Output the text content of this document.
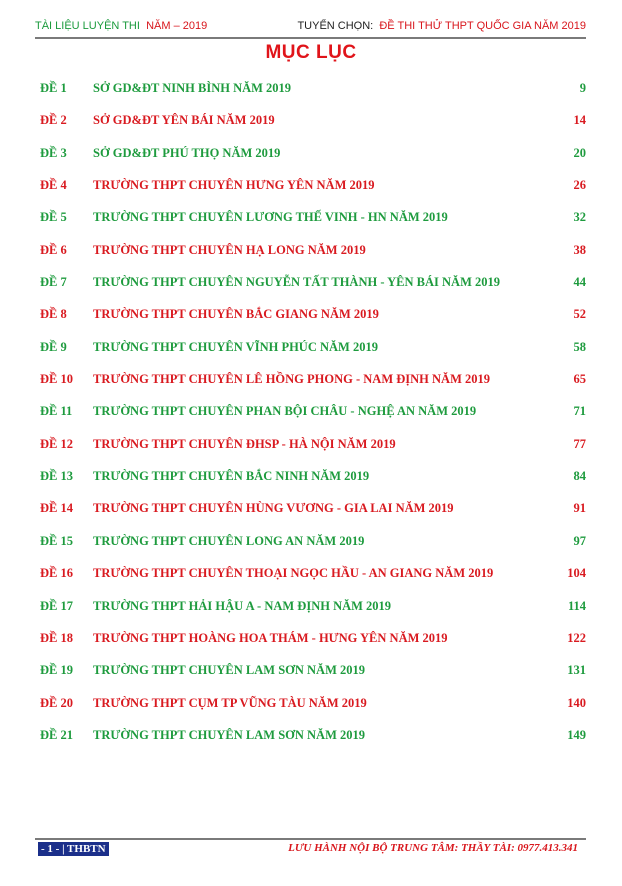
TÀI LIỆU LUYỆN THI NĂM – 2019	TUYỂN CHỌN: ĐỀ THI THỬ THPT QUỐC GIA NĂM 2019
MỤC LỤC
ĐỀ 1 SỞ GD&ĐT NINH BÌNH NĂM 2019	9
ĐỀ 2 SỞ GD&ĐT YÊN BÁI NĂM 2019	14
ĐỀ 3 SỞ GD&ĐT PHÚ THỌ NĂM 2019	20
ĐỀ 4 TRƯỜNG THPT CHUYÊN HƯNG YÊN NĂM 2019	26
ĐỀ 5 TRƯỜNG THPT CHUYÊN LƯƠNG THẾ VINH - HN NĂM 2019	32
ĐỀ 6 TRƯỜNG THPT CHUYÊN HẠ LONG NĂM 2019	38
ĐỀ 7 TRƯỜNG THPT CHUYÊN NGUYỄN TẤT THÀNH - YÊN BÁI NĂM 2019	44
ĐỀ 8 TRƯỜNG THPT CHUYÊN BẮC GIANG NĂM 2019	52
ĐỀ 9 TRƯỜNG THPT CHUYÊN VĨNH PHÚC NĂM 2019	58
ĐỀ 10 TRƯỜNG THPT CHUYÊN LÊ HỒNG PHONG - NAM ĐỊNH NĂM 2019	65
ĐỀ 11 TRƯỜNG THPT CHUYÊN PHAN BỘI CHÂU - NGHỆ AN NĂM 2019	71
ĐỀ 12 TRƯỜNG THPT CHUYÊN ĐHSP - HÀ NỘI NĂM 2019	77
ĐỀ 13 TRƯỜNG THPT CHUYÊN BẮC NINH NĂM 2019	84
ĐỀ 14 TRƯỜNG THPT CHUYÊN HÙNG VƯƠNG - GIA LAI NĂM 2019	91
ĐỀ 15 TRƯỜNG THPT CHUYÊN LONG AN NĂM 2019	97
ĐỀ 16 TRƯỜNG THPT CHUYÊN THOẠI NGỌC HẦU - AN GIANG NĂM 2019	104
ĐỀ 17 TRƯỜNG THPT HẢI HẬU A - NAM ĐỊNH NĂM 2019	114
ĐỀ 18 TRƯỜNG THPT HOÀNG HOA THÁM - HƯNG YÊN NĂM 2019	122
ĐỀ 19 TRƯỜNG THPT CHUYÊN LAM SƠN NĂM 2019	131
ĐỀ 20 TRƯỜNG THPT CỤM TP VŨNG TÀU NĂM 2019	140
ĐỀ 21 TRƯỜNG THPT CHUYÊN LAM SƠN NĂM 2019	149
- 1 - | THBTN	LƯU HÀNH NỘI BỘ TRUNG TÂM: THẦY TÀI: 0977.413.341
